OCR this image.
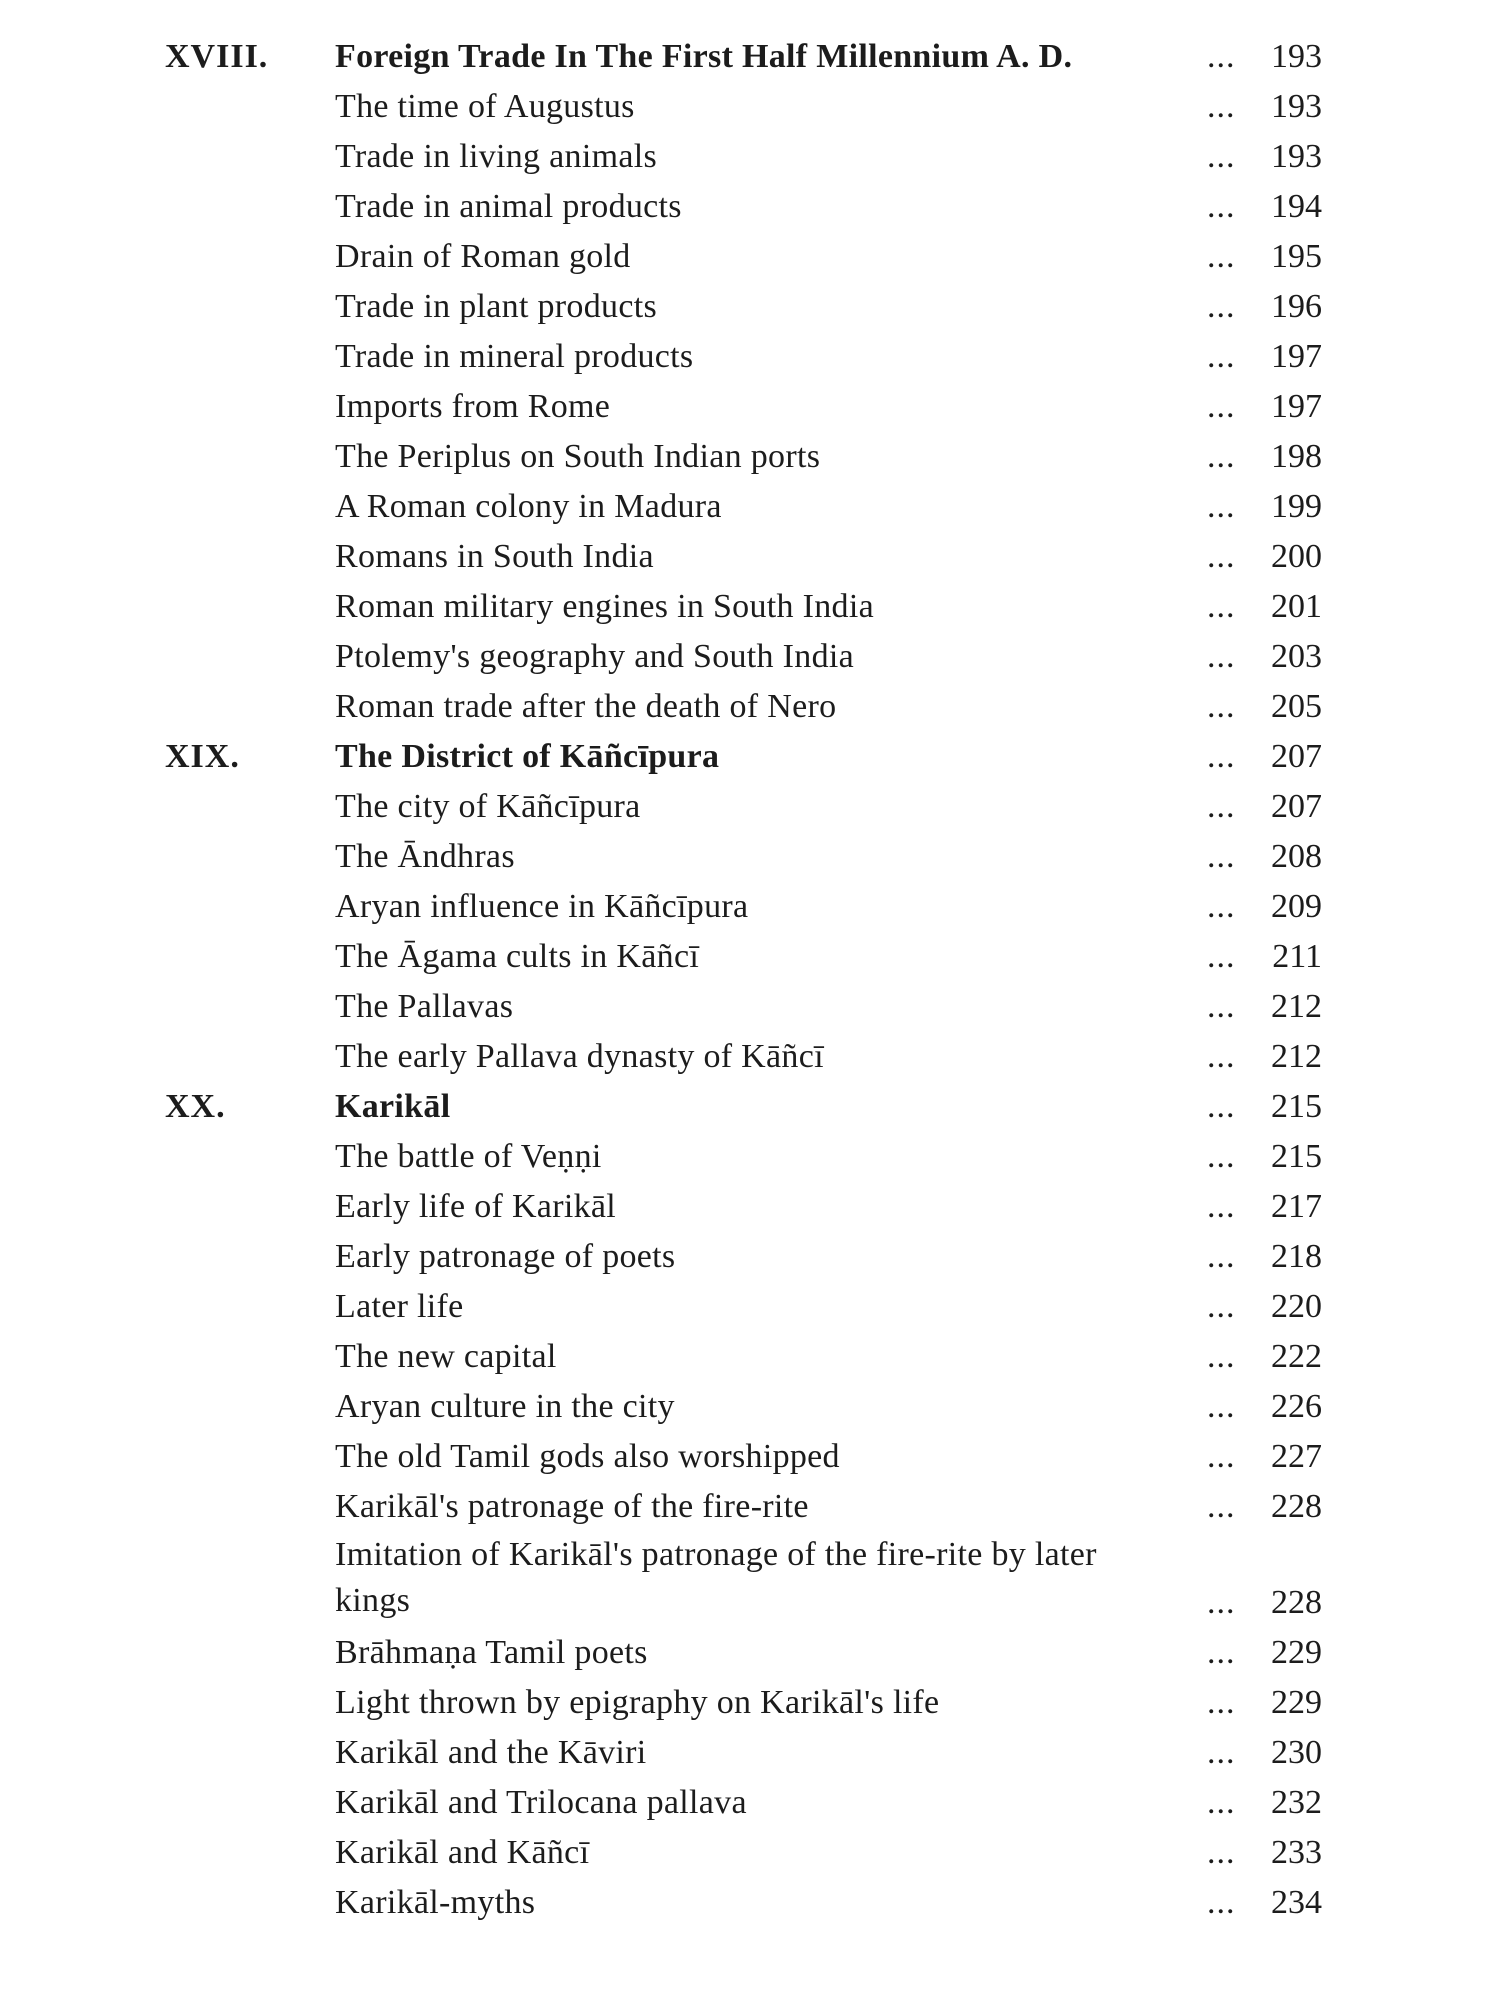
XVIII. Foreign Trade In The First Half Millennium A. D.	...	193
The time of Augustus	...	193
Trade in living animals	...	193
Trade in animal products	...	194
Drain of Roman gold	...	195
Trade in plant products	...	196
Trade in mineral products	...	197
Imports from Rome	...	197
The Periplus on South Indian ports	...	198
A Roman colony in Madura	...	199
Romans in South India	...	200
Roman military engines in South India	...	201
Ptolemy's geography and South India	...	203
Roman trade after the death of Nero	...	205
XIX.	The District of Kāñcīpura	...	207
The city of Kāñcīpura	...	207
The Āndhras	...	208
Aryan influence in Kāñcīpura	...	209
The Āgama cults in Kāñcī	...	211
The Pallavas	...	212
The early Pallava dynasty of Kāñcī	...	212
XX.	Karikāl	...	215
The battle of Veṇṇi	...	215
Early life of Karikāl	...	217
Early patronage of poets	...	218
Later life	...	220
The new capital	...	222
Aryan culture in the city	...	226
The old Tamil gods also worshipped	...	227
Karikāl's patronage of the fire-rite	...	228
Imitation of Karikāl's patronage of the fire-rite by later kings	...	228
Brāhmaṇa Tamil poets	...	229
Light thrown by epigraphy on Karikāl's life	...	229
Karikāl and the Kāviri	...	230
Karikāl and Trilocana pallava	...	232
Karikāl and Kāñcī	...	233
Karikāl-myths	...	234
